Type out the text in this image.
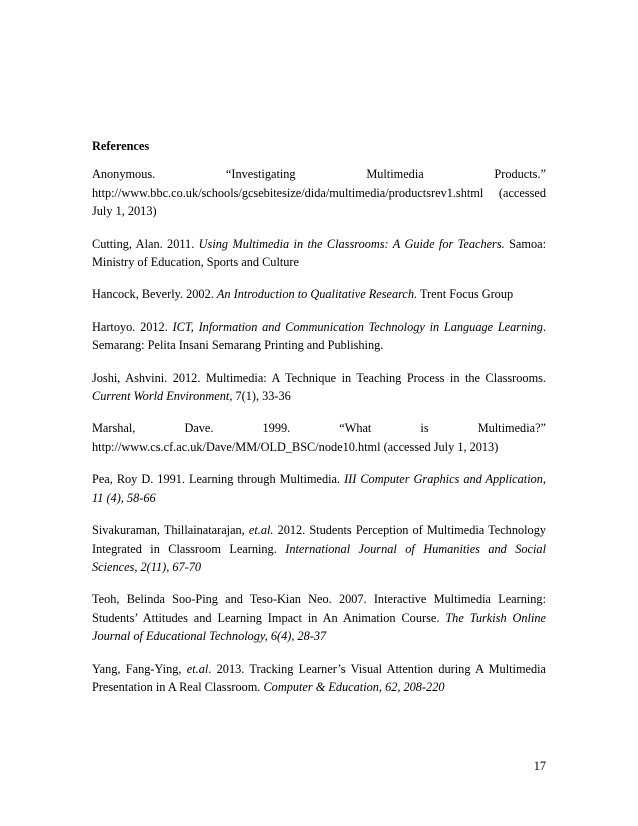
References
Anonymous.	“Investigating	Multimedia	Products.”
http://www.bbc.co.uk/schools/gcsebitesize/dida/multimedia/productsrev1.shtml (accessed July 1, 2013)
Cutting, Alan. 2011. Using Multimedia in the Classrooms: A Guide for Teachers. Samoa: Ministry of Education, Sports and Culture
Hancock, Beverly. 2002. An Introduction to Qualitative Research. Trent Focus Group
Hartoyo. 2012. ICT, Information and Communication Technology in Language Learning. Semarang: Pelita Insani Semarang Printing and Publishing.
Joshi, Ashvini. 2012. Multimedia: A Technique in Teaching Process in the Classrooms. Current World Environment, 7(1), 33-36
Marshal,	Dave.	1999.	“What	is	Multimedia?”
http://www.cs.cf.ac.uk/Dave/MM/OLD_BSC/node10.html (accessed July 1, 2013)
Pea, Roy D. 1991. Learning through Multimedia. III Computer Graphics and Application, 11 (4), 58-66
Sivakuraman, Thillainatarajan, et.al. 2012. Students Perception of Multimedia Technology Integrated in Classroom Learning. International Journal of Humanities and Social Sciences, 2(11), 67-70
Teoh, Belinda Soo-Ping and Teso-Kian Neo. 2007. Interactive Multimedia Learning: Students’ Attitudes and Learning Impact in An Animation Course. The Turkish Online Journal of Educational Technology, 6(4), 28-37
Yang, Fang-Ying, et.al. 2013. Tracking Learner’s Visual Attention during A Multimedia Presentation in A Real Classroom. Computer & Education, 62, 208-220
17
